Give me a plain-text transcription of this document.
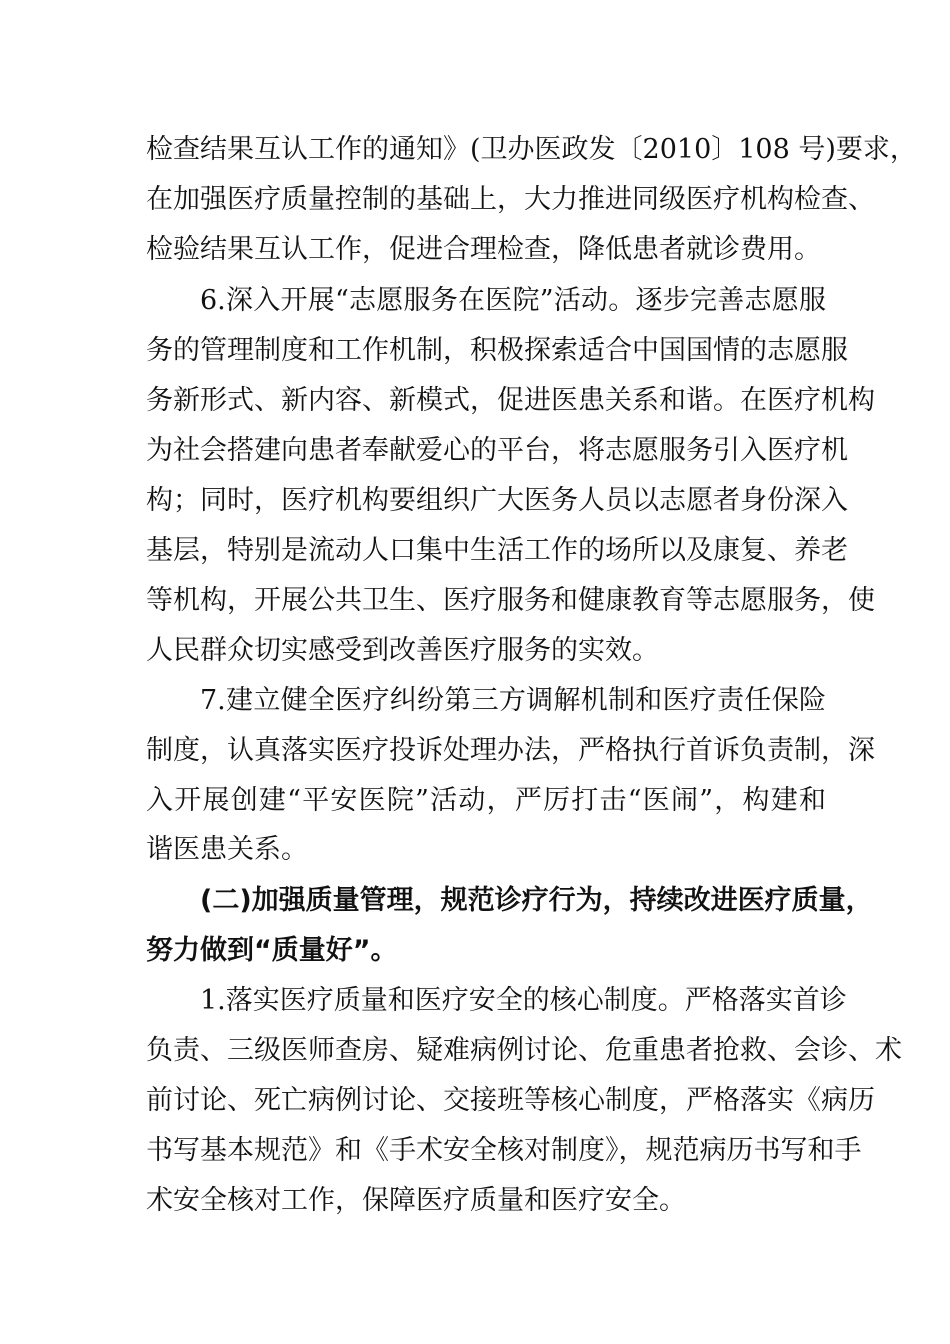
检查结果互认工作的通知》(卫办医政发〔2010〕108 号)要求，
在加强医疗质量控制的基础上，大力推进同级医疗机构检查、
检验结果互认工作，促进合理检查，降低患者就诊费用。
6.深入开展“志愿服务在医院”活动。逐步完善志愿服
务的管理制度和工作机制，积极探索适合中国国情的志愿服
务新形式、新内容、新模式，促进医患关系和谐。在医疗机构
为社会搭建向患者奉献爱心的平台，将志愿服务引入医疗机
构；同时，医疗机构要组织广大医务人员以志愿者身份深入
基层，特别是流动人口集中生活工作的场所以及康复、养老
等机构，开展公共卫生、医疗服务和健康教育等志愿服务，使
人民群众切实感受到改善医疗服务的实效。
7.建立健全医疗纠纷第三方调解机制和医疗责任保险
制度，认真落实医疗投诉处理办法，严格执行首诉负责制，深
入开展创建“平安医院”活动，严厉打击“医闹”，构建和
谐医患关系。
(二)加强质量管理，规范诊疗行为，持续改进医疗质量，
努力做到“质量好”。
1.落实医疗质量和医疗安全的核心制度。严格落实首诊
负责、三级医师查房、疑难病例讨论、危重患者抢救、会诊、术
前讨论、死亡病例讨论、交接班等核心制度，严格落实《病历
书写基本规范》和《手术安全核对制度》，规范病历书写和手
术安全核对工作，保障医疗质量和医疗安全。
